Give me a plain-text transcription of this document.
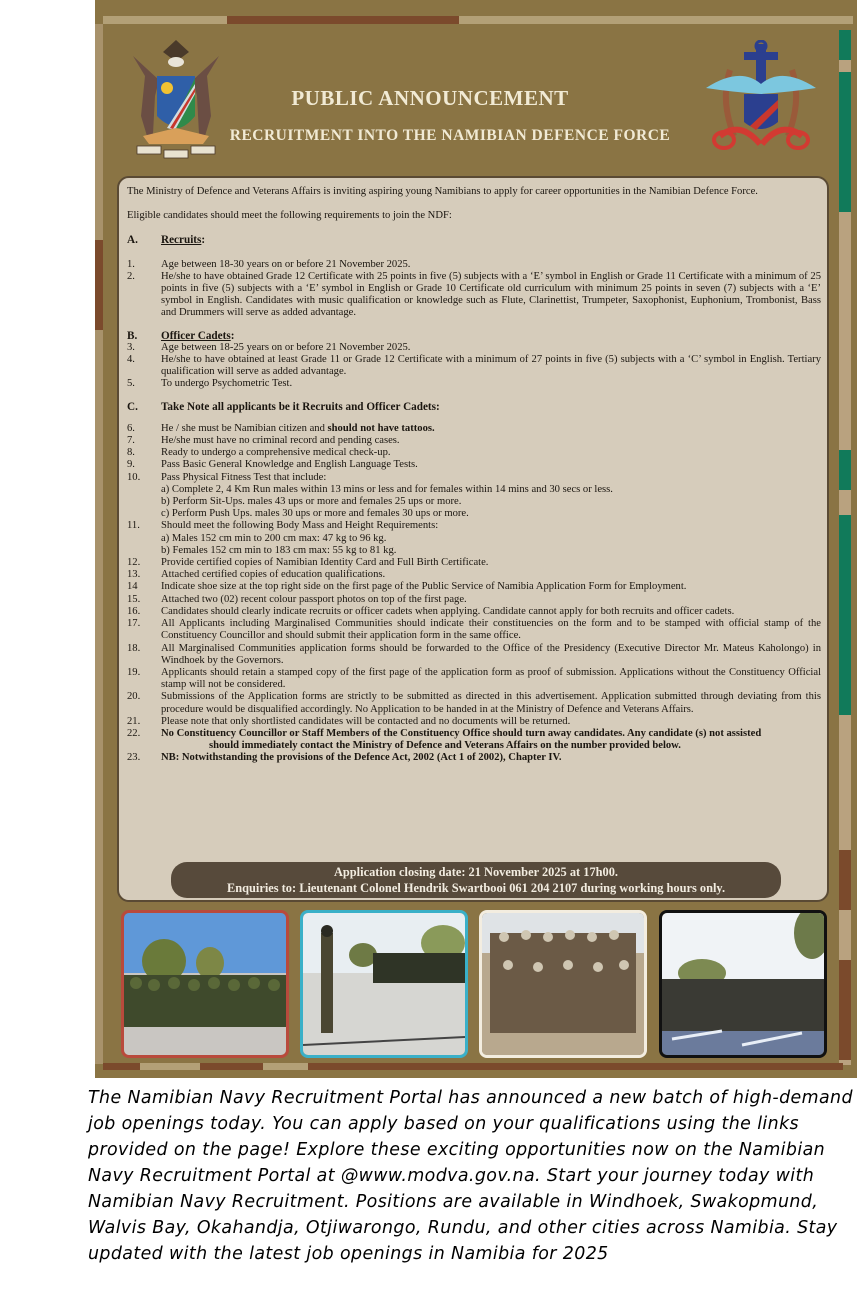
PUBLIC ANNOUNCEMENT
RECRUITMENT INTO THE NAMIBIAN DEFENCE FORCE

The Ministry of Defence and Veterans Affairs is inviting aspiring young Namibians to apply for career opportunities in the Namibian Defence Force.

Eligible candidates should meet the following requirements to join the NDF:

A.	Recruits:
1.	Age between 18-30 years on or before 21 November 2025.
2.	He/she to have obtained Grade 12 Certificate with 25 points in five (5) subjects with a ‘E’ symbol in English or Grade 11 Certificate with a minimum of 25 points in five (5) subjects with a ‘E’ symbol in English or Grade 10 Certificate old curriculum with minimum 25 points in seven (7) subjects with a ‘E’ symbol in English. Candidates with music qualification or knowledge such as Flute, Clarinettist, Trumpeter, Saxophonist, Euphonium, Trombonist, Bass and Drummers will serve as added advantage.
B.	Officer Cadets:
3.	Age between 18-25 years on or before 21 November 2025.
4.	He/she to have obtained at least Grade 11 or Grade 12 Certificate with a minimum of 27 points in five (5) subjects with a ‘C’ symbol in English. Tertiary qualification will serve as added advantage.
5.	To undergo Psychometric Test.
C.	Take Note all applicants be it Recruits and Officer Cadets:
6.	He / she must be Namibian citizen and should not have tattoos.
7.	He/she must have no criminal record and pending cases.
8.	Ready to undergo a comprehensive medical check-up.
9.	Pass Basic General Knowledge and English Language Tests.
10.	Pass Physical Fitness Test that include:
a) Complete 2, 4 Km Run males within 13 mins or less and for females within 14 mins and 30 secs or less.
b) Perform Sit-Ups. males 43 ups or more and females 25 ups or more.
c) Perform Push Ups. males 30 ups or more and females 30 ups or more.
11.	Should meet the following Body Mass and Height Requirements:
a) Males 152 cm min to 200 cm max: 47 kg to 96 kg.
b) Females 152 cm min to 183 cm max: 55 kg to 81 kg.
12.	Provide certified copies of Namibian Identity Card and Full Birth Certificate.
13.	Attached certified copies of education qualifications.
14	Indicate shoe size at the top right side on the first page of the Public Service of Namibia Application Form for Employment.
15.	Attached two (02) recent colour passport photos on top of the first page.
16.	Candidates should clearly indicate recruits or officer cadets when applying. Candidate cannot apply for both recruits and officer cadets.
17.	All Applicants including Marginalised Communities should indicate their constituencies on the form and to be stamped with official stamp of the Constituency Councillor and should submit their application form in the same office.
18.	All Marginalised Communities application forms should be forwarded to the Office of the Presidency (Executive Director Mr. Mateus Kaholongo) in Windhoek by the Governors.
19.	Applicants should retain a stamped copy of the first page of the application form as proof of submission. Applications without the Constituency Official stamp will not be considered.
20.	Submissions of the Application forms are strictly to be submitted as directed in this advertisement. Application submitted through deviating from this procedure would be disqualified accordingly. No Application to be handed in at the Ministry of Defence and Veterans Affairs.
21.	Please note that only shortlisted candidates will be contacted and no documents will be returned.
22.	No Constituency Councillor or Staff Members of the Constituency Office should turn away candidates. Any candidate (s) not assisted
should immediately contact the Ministry of Defence and Veterans Affairs on the number provided below.
23.	NB: Notwithstanding the provisions of the Defence Act, 2002 (Act 1 of 2002), Chapter IV.
Application closing date: 21 November 2025 at 17h00.
Enquiries to: Lieutenant Colonel Hendrik Swartbooi 061 204 2107 during working hours only.
The Namibian Navy Recruitment Portal has announced a new batch of high-demand job openings today. You can apply based on your qualifications using the links provided on the page! Explore these exciting opportunities now on the Namibian Navy Recruitment Portal at @www.modva.gov.na. Start your journey today with Namibian Navy Recruitment. Positions are available in Windhoek, Swakopmund, Walvis Bay, Okahandja, Otjiwarongo, Rundu, and other cities across Namibia. Stay updated with the latest job openings in Namibia for 2025
